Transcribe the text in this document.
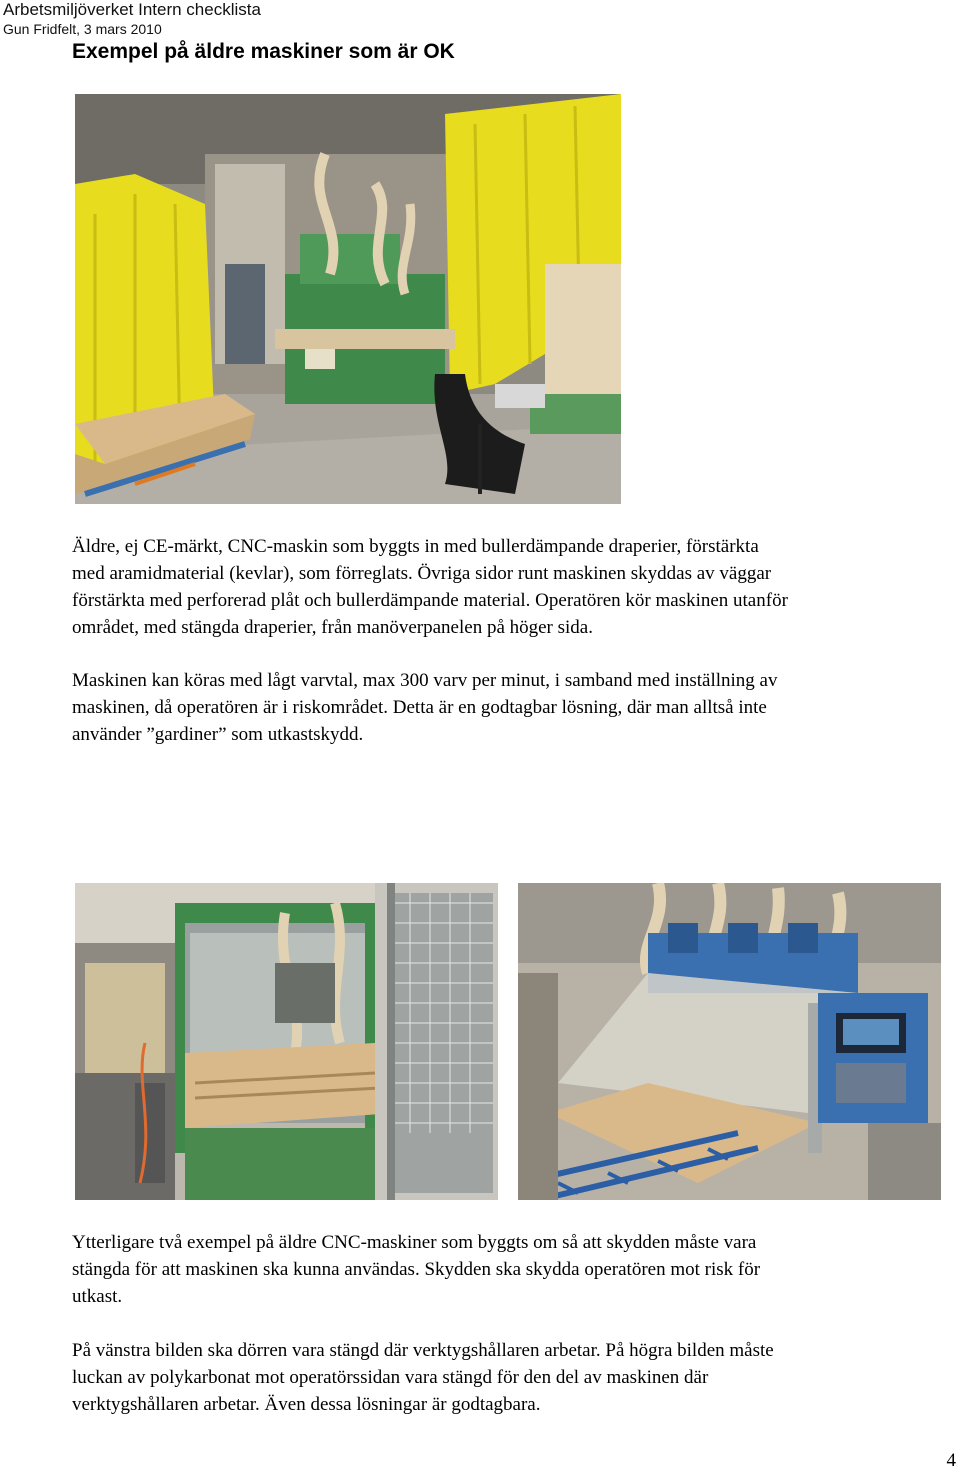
Arbetsmiljöverket Intern checklista
Gun Fridfelt, 3 mars 2010
Exempel på äldre maskiner som är OK

Äldre, ej CE-märkt, CNC-maskin som byggts in med bullerdämpande draperier, förstärkta
med aramidmaterial (kevlar), som förreglats. Övriga sidor runt maskinen skyddas av väggar
förstärkta med perforerad plåt och bullerdämpande material. Operatören kör maskinen utanför
området, med stängda draperier, från manöverpanelen på höger sida.

Maskinen kan köras med lågt varvtal, max 300 varv per minut, i samband med inställning av
maskinen, då operatören är i riskområdet. Detta är en godtagbar lösning, där man alltså inte
använder ”gardiner” som utkastskydd.

Ytterligare två exempel på äldre CNC-maskiner som byggts om så att skydden måste vara
stängda för att maskinen ska kunna användas. Skydden ska skydda operatören mot risk för
utkast.

På vänstra bilden ska dörren vara stängd där verktygshållaren arbetar. På högra bilden måste
luckan av polykarbonat mot operatörssidan vara stängd för den del av maskinen där
verktygshållaren arbetar. Även dessa lösningar är godtagbara.

4
